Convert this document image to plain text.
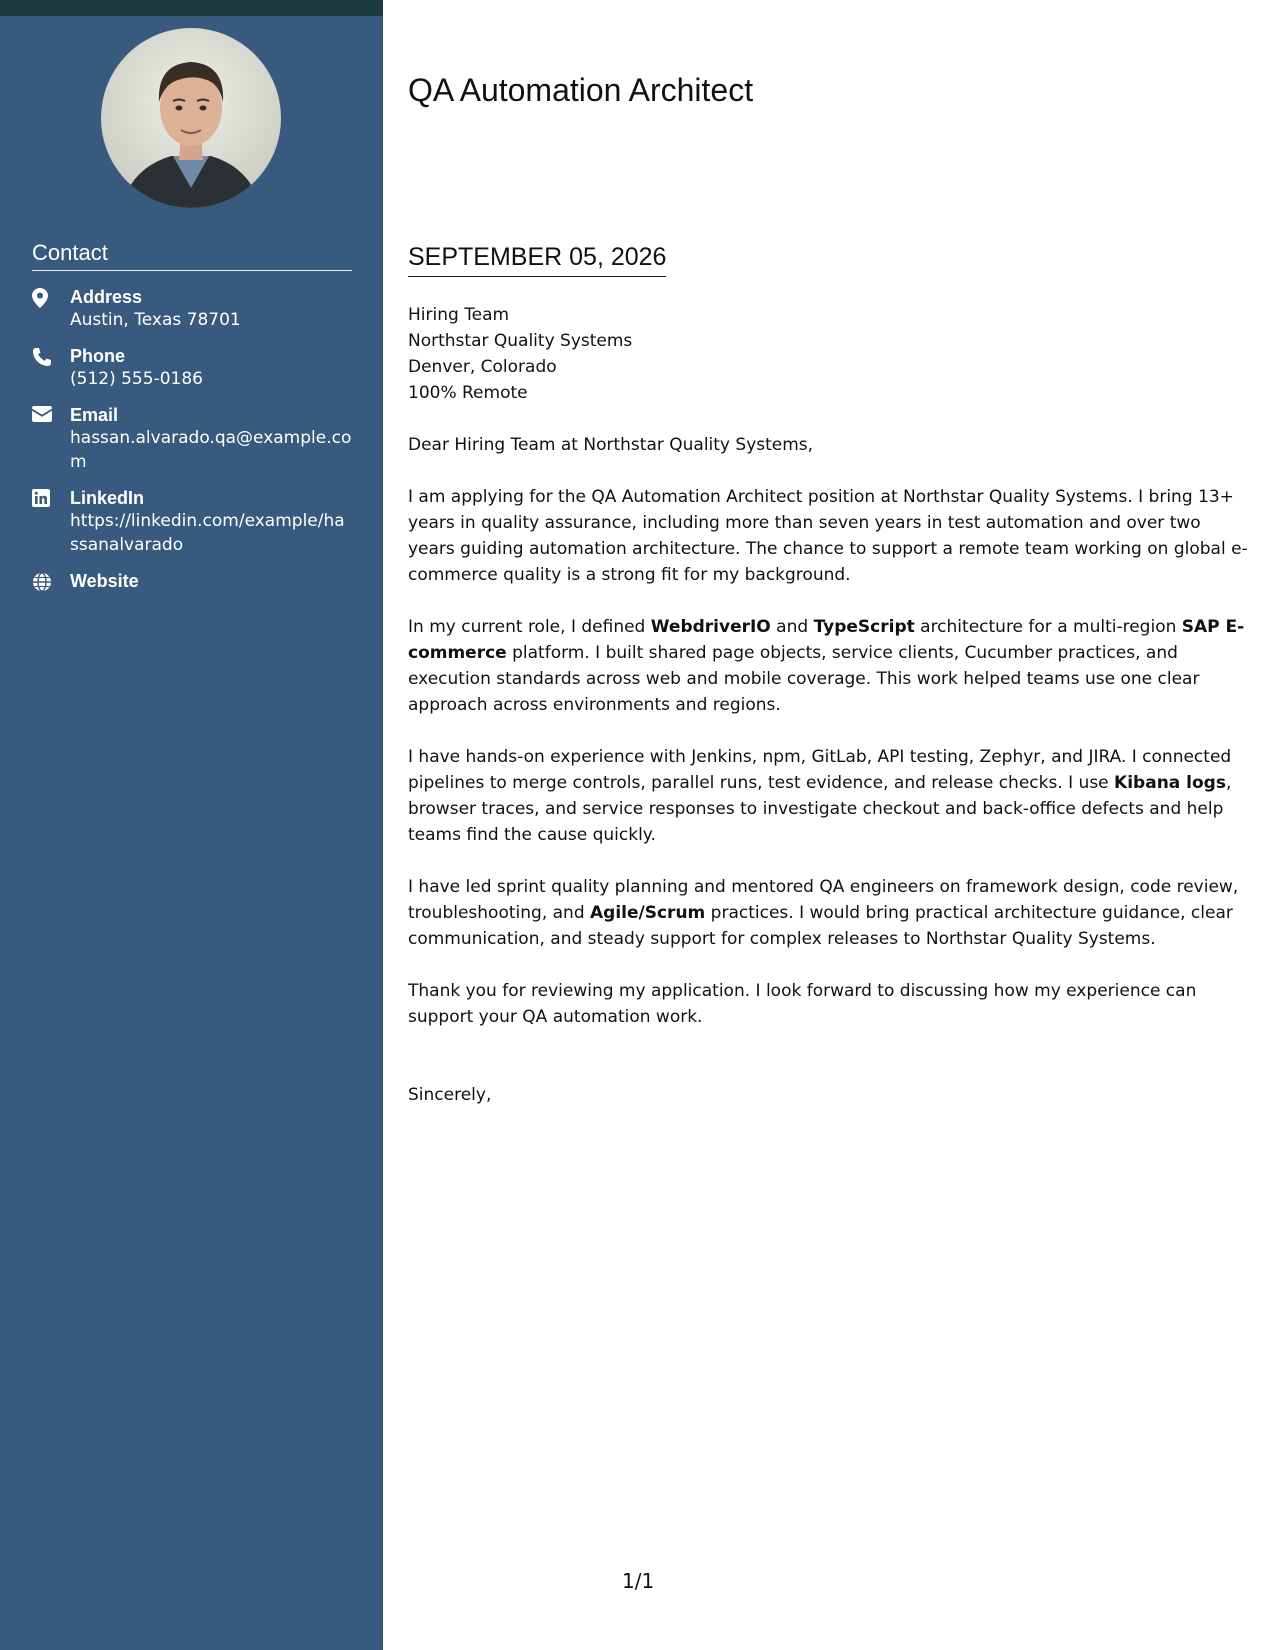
Contact
Address
Austin, Texas 78701
Phone
(512) 555-0186
Email
hassan.alvarado.qa@example.com
LinkedIn
https://linkedin.com/example/hassanalvarado
Website
QA Automation Architect
SEPTEMBER 05, 2026
Hiring Team
Northstar Quality Systems
Denver, Colorado
100% Remote
Dear Hiring Team at Northstar Quality Systems,
I am applying for the QA Automation Architect position at Northstar Quality Systems. I bring 13+ years in quality assurance, including more than seven years in test automation and over two years guiding automation architecture. The chance to support a remote team working on global e-commerce quality is a strong fit for my background.
In my current role, I defined WebdriverIO and TypeScript architecture for a multi-region SAP E-commerce platform. I built shared page objects, service clients, Cucumber practices, and execution standards across web and mobile coverage. This work helped teams use one clear approach across environments and regions.
I have hands-on experience with Jenkins, npm, GitLab, API testing, Zephyr, and JIRA. I connected pipelines to merge controls, parallel runs, test evidence, and release checks. I use Kibana logs, browser traces, and service responses to investigate checkout and back-office defects and help teams find the cause quickly.
I have led sprint quality planning and mentored QA engineers on framework design, code review, troubleshooting, and Agile/Scrum practices. I would bring practical architecture guidance, clear communication, and steady support for complex releases to Northstar Quality Systems.
Thank you for reviewing my application. I look forward to discussing how my experience can support your QA automation work.
Sincerely,
1/1
